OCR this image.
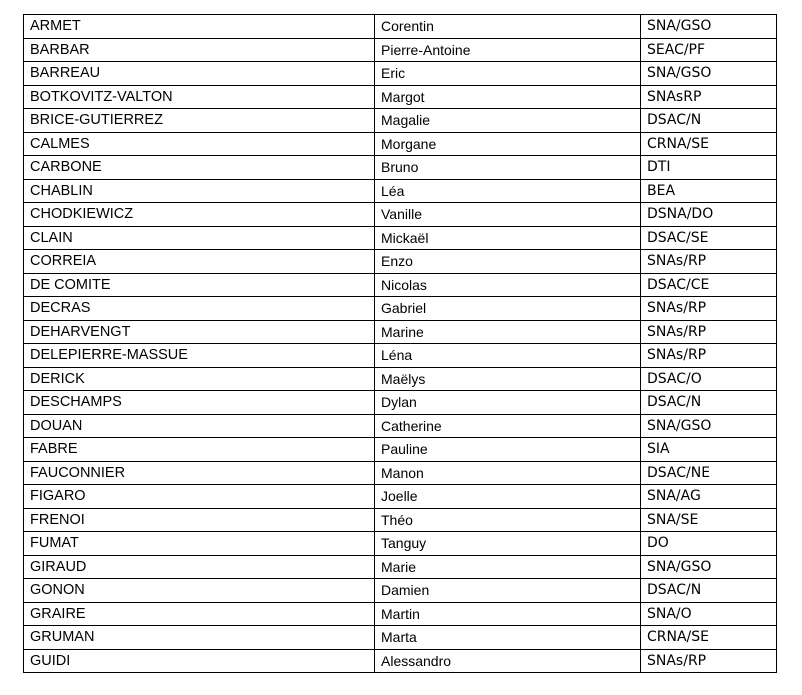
ARMET	Corentin	SNA/GSO
BARBAR	Pierre-Antoine	SEAC/PF
BARREAU	Eric	SNA/GSO
BOTKOVITZ-VALTON	Margot	SNAsRP
BRICE-GUTIERREZ	Magalie	DSAC/N
CALMES	Morgane	CRNA/SE
CARBONE	Bruno	DTI
CHABLIN	Léa	BEA
CHODKIEWICZ	Vanille	DSNA/DO
CLAIN	Mickaël	DSAC/SE
CORREIA	Enzo	SNAs/RP
DE COMITE	Nicolas	DSAC/CE
DECRAS	Gabriel	SNAs/RP
DEHARVENGT	Marine	SNAs/RP
DELEPIERRE-MASSUE	Léna	SNAs/RP
DERICK	Maëlys	DSAC/O
DESCHAMPS	Dylan	DSAC/N
DOUAN	Catherine	SNA/GSO
FABRE	Pauline	SIA
FAUCONNIER	Manon	DSAC/NE
FIGARO	Joelle	SNA/AG
FRENOI	Théo	SNA/SE
FUMAT	Tanguy	DO
GIRAUD	Marie	SNA/GSO
GONON	Damien	DSAC/N
GRAIRE	Martin	SNA/O
GRUMAN	Marta	CRNA/SE
GUIDI	Alessandro	SNAs/RP
